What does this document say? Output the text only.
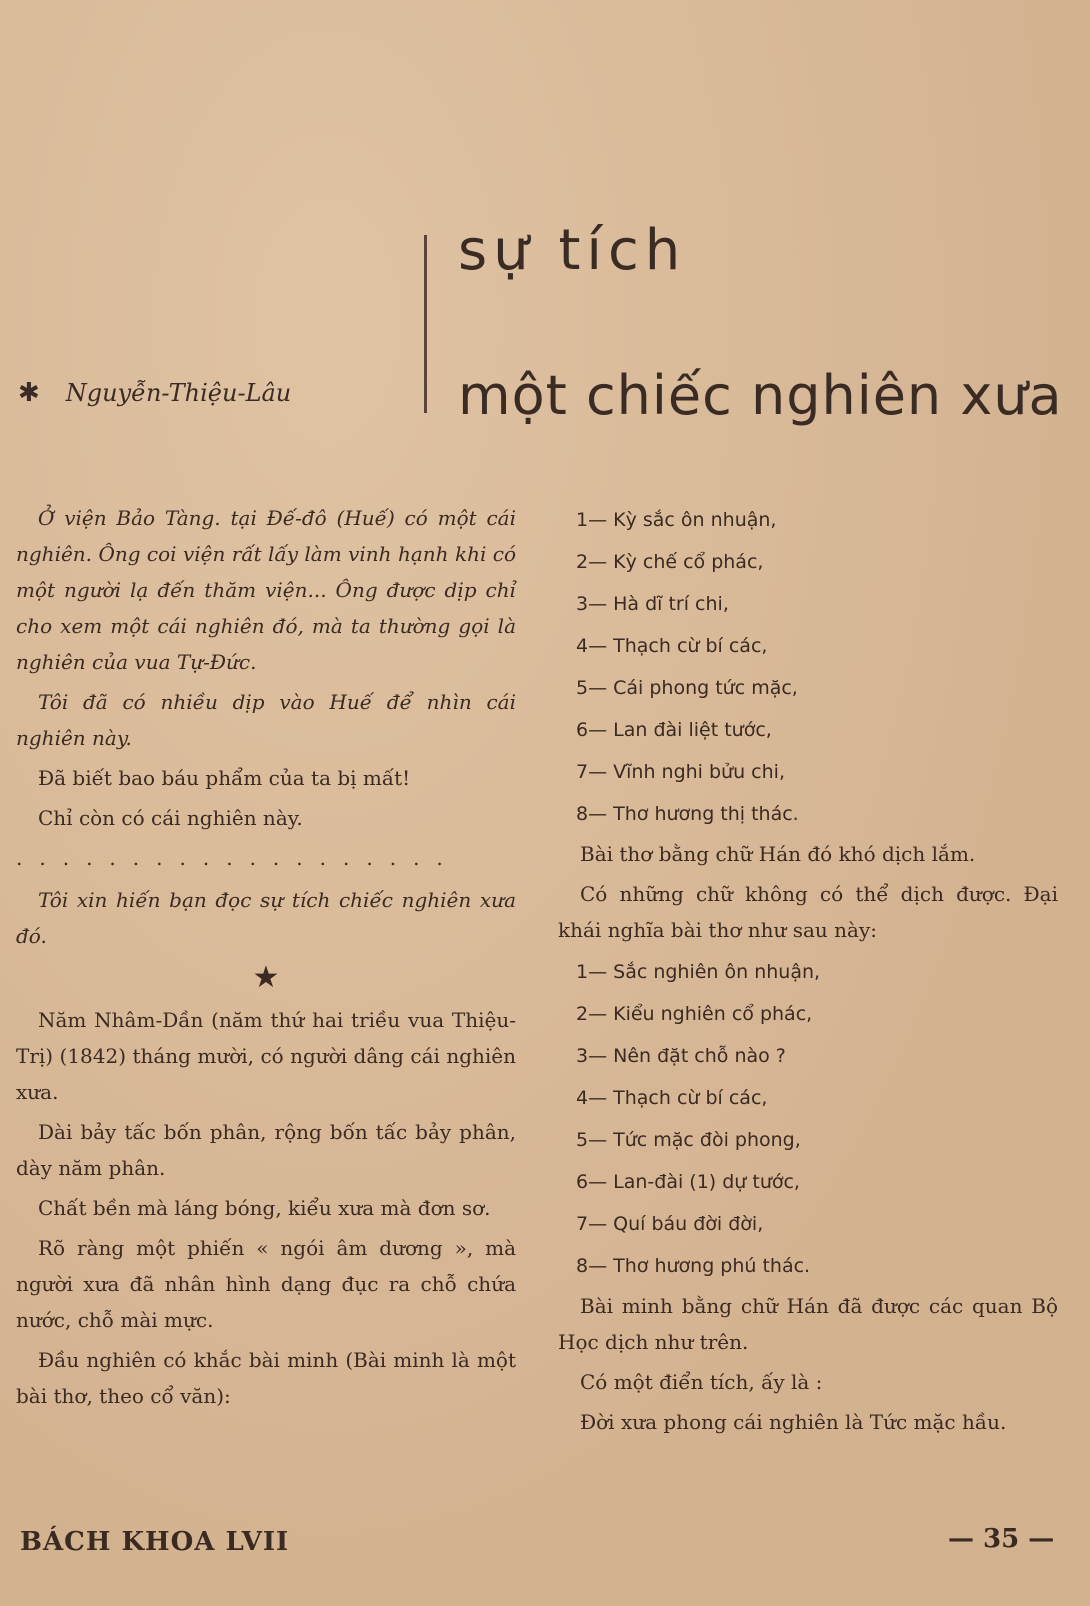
sự tích
một chiếc nghiên xưa
✱ Nguyễn-Thiệu-Lâu

Ở viện Bảo Tàng. tại Đế-đô (Huế) có một cái nghiên. Ông coi viện rất lấy làm vinh hạnh khi có một người lạ đến thăm viện... Ông được dịp chỉ cho xem một cái nghiên đó, mà ta thường gọi là nghiên của vua Tự-Đức.

Tôi đã có nhiều dịp vào Huế để nhìn cái nghiên này.

Đã biết bao báu phẩm của ta bị mất!

Chỉ còn có cái nghiên này.

...................

Tôi xin hiến bạn đọc sự tích chiếc nghiên xưa đó.

★

Năm Nhâm-Dần (năm thứ hai triều vua Thiệu-Trị) (1842) tháng mười, có người dâng cái nghiên xưa.

Dài bảy tấc bốn phân, rộng bốn tấc bảy phân, dày năm phân.

Chất bền mà láng bóng, kiểu xưa mà đơn sơ.

Rõ ràng một phiến « ngói âm dương », mà người xưa đã nhân hình dạng đục ra chỗ chứa nước, chỗ mài mực.

Đầu nghiên có khắc bài minh (Bài minh là một bài thơ, theo cổ văn):

1— Kỳ sắc ôn nhuận,
2— Kỳ chế cổ phác,
3— Hà dĩ trí chi,
4— Thạch cừ bí các,
5— Cái phong tức mặc,
6— Lan đài liệt tước,
7— Vĩnh nghi bửu chi,
8— Thơ hương thị thác.

Bài thơ bằng chữ Hán đó khó dịch lắm.

Có những chữ không có thể dịch được. Đại khái nghĩa bài thơ như sau này:

1— Sắc nghiên ôn nhuận,
2— Kiểu nghiên cổ phác,
3— Nên đặt chỗ nào ?
4— Thạch cừ bí các,
5— Tức mặc đòi phong,
6— Lan-đài (1) dự tước,
7— Quí báu đời đời,
8— Thơ hương phú thác.

Bài minh bằng chữ Hán đã được các quan Bộ Học dịch như trên.

Có một điển tích, ấy là :

Đời xưa phong cái nghiên là Tức mặc hầu.

BÁCH KHOA LVII	— 35 —
